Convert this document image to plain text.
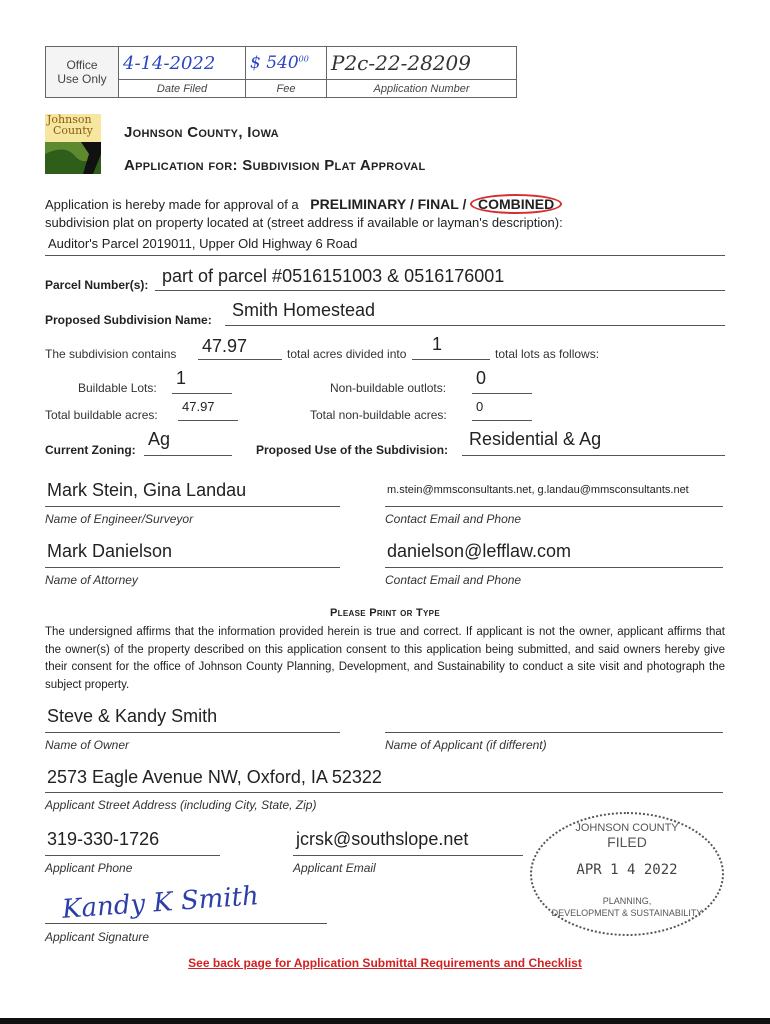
Office
Use Only	4-14-2022	$ $540^{00}$	P2c-22-28209
	Date Filed	Fee	Application Number
Johnson
County Johnson County, Iowa
Application for: Subdivision Plat Approval
Application is hereby made for approval of a PRELIMINARY / FINAL / COMBINED
subdivision plat on property located at (street address if available or layman's description):
Auditor's Parcel 2019011, Upper Old Highway 6 Road
Parcel Number(s): part of parcel #0516151003 & 0516176001
Proposed Subdivision Name: Smith Homestead
The subdivision contains 47.97	total acres divided into 1	total lots as follows:
Buildable Lots: 1	Non-buildable outlots: 0
Total buildable acres:
47.97
Total non-buildable acres:
0
Current Zoning:
Ag
Proposed Use of the Subdivision:
Residential & Ag
Mark Stein, Gina Landau
Name of Engineer/Surveyor
m.stein@mmsconsultants.net, g.landau@mmsconsultants.net
Contact Email and Phone
Mark Danielson
Name of Attorney
danielson@lefflaw.com
Contact Email and Phone
Please Print or Type
The undersigned affirms that the information provided herein is true and correct. If applicant is not the owner, applicant affirms that the owner(s) of the property described on this application consent to this application being submitted, and said owners hereby give their consent for the office of Johnson County Planning, Development, and Sustainability to conduct a site visit and photograph the subject property.
Steve & Kandy Smith
Name of Owner	Name of Applicant (if different)
2573 Eagle Avenue NW, Oxford, IA 52322
Applicant Street Address (including City, State, Zip)
319-330-1726
Applicant Phone
jcrsk@southslope.net
Applicant Email
Kandy K Smith
Applicant Signature
JOHNSON COUNTY
FILED
APR 1 4 2022
PLANNING,
DEVELOPMENT & SUSTAINABILITY
See back page for Application Submittal Requirements and Checklist
